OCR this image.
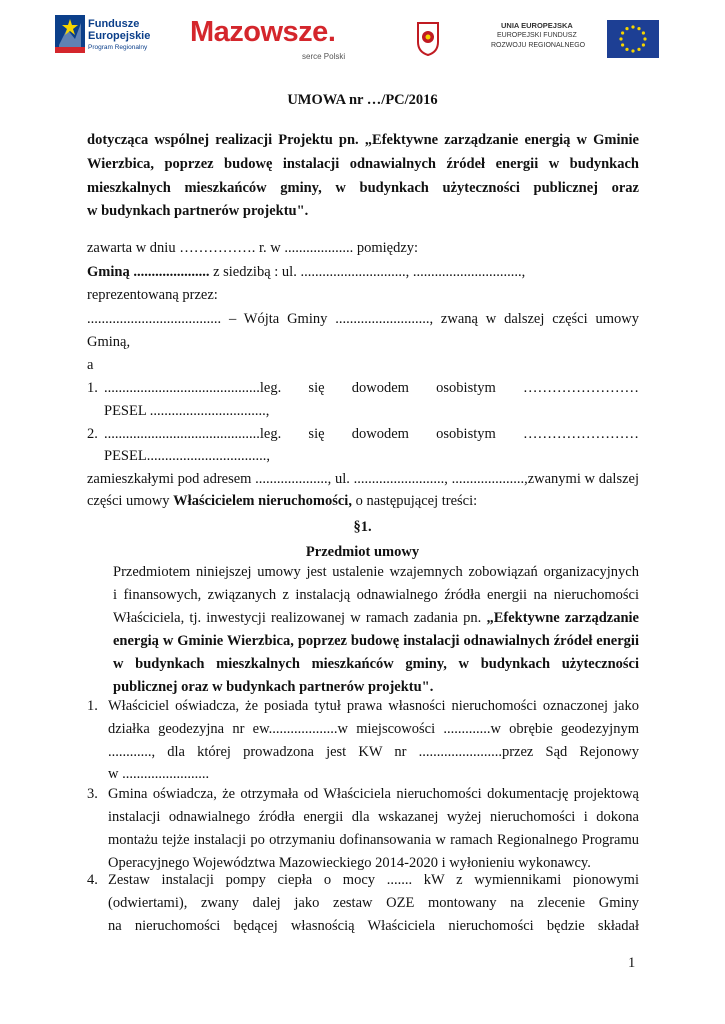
Fundusze
Europejskie
Program Regionalny Mazowsze.
serce Polski
UNIA EUROPEJSKA
EUROPEJSKI FUNDUSZ
ROZWOJU REGIONALNEGO
UMOWA nr …/PC/2016
dotycząca wspólnej realizacji Projektu pn. „Efektywne zarządzanie energią w Gminie
Wierzbica, poprzez budowę instalacji odnawialnych źródeł energii w budynkach
mieszkalnych mieszkańców gminy, w budynkach użyteczności publicznej oraz
w budynkach partnerów projektu".
zawarta w dniu ……………. r. w ................... pomiędzy:
Gminą ..................... z siedzibą : ul. ............................., ..............................,
reprezentowaną przez:
..................................... – Wójta Gminy .........................., zwaną w dalszej części umowy
Gminą,
a
1. ...........................................leg. się dowodem osobistym ……………………
PESEL ................................,
2. ...........................................leg. się dowodem osobistym ……………………
PESEL.................................,
zamieszkałymi pod adresem ...................., ul. ........................., ....................,zwanymi w dalszej
części umowy Właścicielem nieruchomości, o następującej treści:
§1.
Przedmiot umowy
Przedmiotem niniejszej umowy jest ustalenie wzajemnych zobowiązań organizacyjnych
i finansowych, związanych z instalacją odnawialnego źródła energii na nieruchomości
Właściciela, tj. inwestycji realizowanej w ramach zadania pn. „Efektywne zarządzanie
energią w Gminie Wierzbica, poprzez budowę instalacji odnawialnych źródeł energii
w budynkach mieszkalnych mieszkańców gminy, w budynkach użyteczności
publicznej oraz w budynkach partnerów projektu".
1. Właściciel oświadcza, że posiada tytuł prawa własności nieruchomości oznaczonej jako
działka geodezyjna nr ew...................w miejscowości .............w obrębie geodezyjnym
............, dla której prowadzona jest KW nr .......................przez Sąd Rejonowy
w ........................
3. Gmina oświadcza, że otrzymała od Właściciela nieruchomości dokumentację projektową
instalacji odnawialnego źródła energii dla wskazanej wyżej nieruchomości i dokona
montażu tejże instalacji po otrzymaniu dofinansowania w ramach Regionalnego Programu
Operacyjnego Województwa Mazowieckiego 2014-2020 i wyłonieniu wykonawcy.
4. Zestaw instalacji pompy ciepła o mocy ....... kW z wymiennikami pionowymi
(odwiertami), zwany dalej jako zestaw OZE montowany na zlecenie Gminy
na nieruchomości będącej własnością Właściciela nieruchomości będzie składał
1
